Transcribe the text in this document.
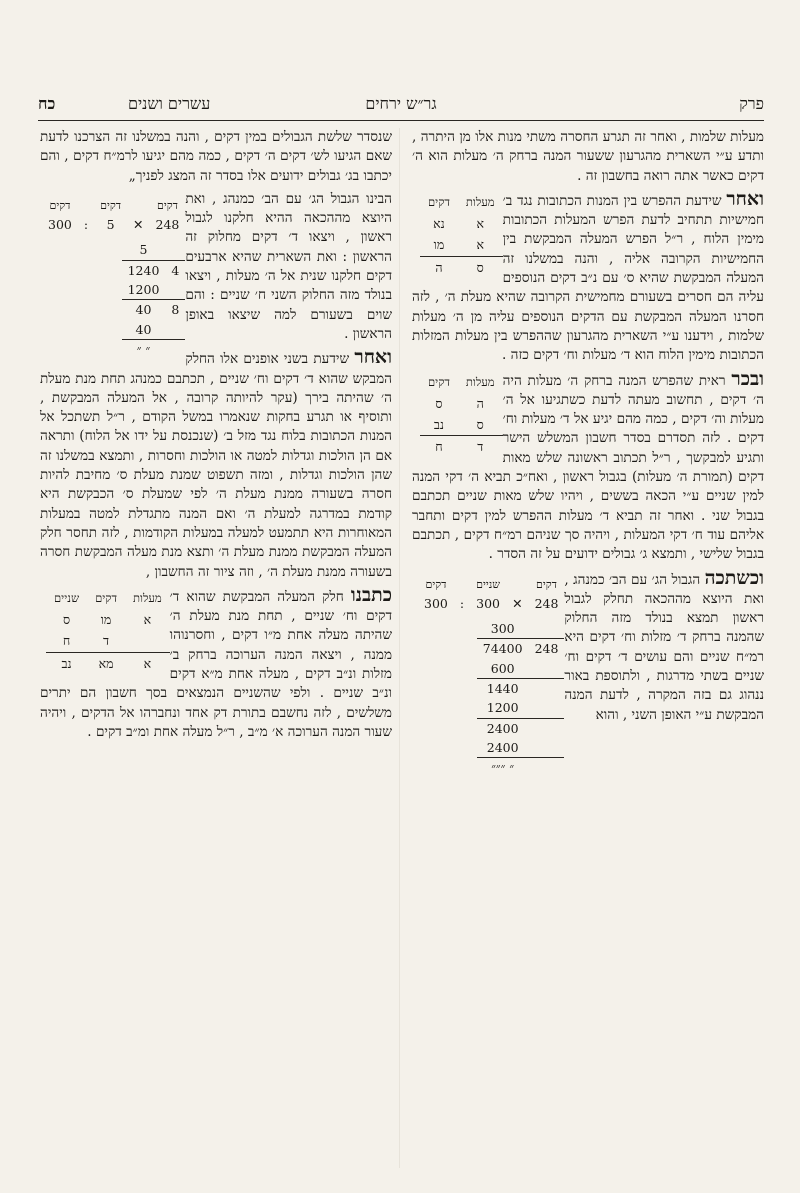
פרק
גר״ש ירחים
עשרים ושנים
כח

מעלות שלמות , ואחר זה תגרע החסרה משתי מנות אלו מן היתרה , ותדע ע״י השארית מהגרעון ששעור המנה ברחק ה׳ מעלות הוא ה׳ דקים כאשר אתה רואה בחשבון זה .

מעלות	דקים
א	נא
א	מו
ס	ה

ואחר שידעת ההפרש בין המנות הכתובות נגד ב׳ חמישיות תתחיב לדעת הפרש המעלות הכתובות מימין הלוח , ר״ל הפרש המעלה המבקשת בין החמישיות הקרובה אליה , והנה במשלנו זה המעלה המבקשת שהיא ס׳ עם נ״ב דקים הנוספים עליה הם חסרים בשעורם מחמישית הקרובה שהיא מעלת ה׳ , לזה חסרנו המעלה המבקשת עם הדקים הנוספים עליה מן ה׳ מעלות שלמות , וידענו ע״י השארית מהגרעון שההפרש בין מעלות המזלות הכתובות מימין הלוח הוא ד׳ מעלות וח׳ דקים כזה .

מעלות	דקים
ה	ס
ס	נב
ד	ח

ובכר ראית שהפרש המנה ברחק ה׳ מעלות היה ה׳ דקים , תחשוב מעתה לדעת כשתגיעו אל ה׳ מעלות וה׳ דקים , כמה מהם יגיע אל ד׳ מעלות וח׳ דקים . לזה תסדרם בסדר חשבון המשלש הישר ותגיע למבקשך , ר״ל תכתוב ראשונה שלש מאות דקים (תמורת ה׳ מעלות) בגבול ראשון , ואח״כ תביא ה׳ דקי המנה למין שניים ע״י הכאה בששים , ויהיו שלש מאות שניים תכתבם בגבול שני . ואחר זה תביא ד׳ מעלות ההפרש למין דקים ותחבר אליהם עוד ח׳ דקי המעלות , ויהיה סך שניהם רמ״ח דקים , תכתבם בגבול שלישי , ותמצא ג׳ גבולים ידועים על זה הסדר .

דקים		שניים		דקים
300	:	300	✕	248
300	
74400	248
600	
1440	
1200	
2400	
2400	
״ ״״״	

וכשתכה הגבול הג׳ עם הב׳ כמנהג , ואת היוצא מההכאה תחלק לגבול ראשון תמצא בנולד מזה החלוק שהמנה ברחק ד׳ מזלות וח׳ דקים היא רמ״ח שניים והם עושים ד׳ דקים וח׳ שניים בשתי מדרגות , ולתוספת באור ננהוג גם בזה המקרה , לדעת המנה המבקשת ע״י האופן השני , והוא

שנסדר שלשת הגבולים במין דקים , והנה במשלנו זה הצרכנו לדעת שאם הגיעו לש׳ דקים ה׳ דקים , כמה מהם יגיעו לרמ״ח דקים , והם יכתבו בג׳ גבולים ידועים אלו בסדר זה המצג לפניך„

דקים		דקים		דקים
300	:	5	✕	248
5	
1240	4
1200	
40	8
40	
״ ״	

הבינו הגבול הג׳ עם הב׳ כמנהג , ואת היוצא מההכאה ההיא חלקנו לגבול ראשון , ויצאו ד׳ דקים מחלוק זה הראשון : ואת השארית שהיא ארבעים דקים חלקנו שנית אל ה׳ מעלות , ויצאו בנולד מזה החלוק השני ח׳ שניים : והם שוים בשעורם למה שיצאו באופן הראשון .

ואחר שידעת בשני אופנים אלו החלק המבקש שהוא ד׳ דקים וח׳ שניים , תכתבם כמנהג תחת מנת מעלת ה׳ שהיתה בירך (עקר להיותה קרובה , אל המעלה המבקשת , ותוסיף או תגרע בחקות שנאמרו במשל הקודם , ר״ל תשתכל אל המנות הכתובות בלוח נגד מזל ב׳ (שנכנסת על ידו אל הלוח) ותראה אם הן הולכות וגדלות למטה או הולכות וחסרות , ותמצא במשלנו זה שהן הולכות וגדלות , ומזה תשפוט שמנת מעלת ס׳ מחיבת להיות חסרה בשעורה ממנת מעלת ה׳ לפי שמעלת ס׳ הכבקשת היא קודמת במדרגה למעלת ה׳ ואם המנה מתגדלת למטה במעלות המאוחרות היא תתמעט למעלה במעלות הקודמות , לזה תחסר חלק המעלה המבקשת ממנת מעלת ה׳ ותצא מנת מעלה המבקשת חסרה בשעורה ממנת מעלת ה׳ , וזה ציור זה החשבון ,

מעלות	דקים	שניים
א	מו	ס
	ד	ח
א	מא	נב

כתבנו חלק המעלה המבקשת שהוא ד׳ דקים וח׳ שניים , תחת מנת מעלת ה׳ שהיתה מעלה אחת מ״ו דקים , וחסרנוהו ממנה , ויצאה המנה הערוכה ברחק ב׳ מזלות ונ״ב דקים , מעלה אחת מ״א דקים ונ״ב שניים . ולפי שהשניים הנמצאים בסך חשבון הם יתרים משלשים , לזה נחשבם בתורת דק אחד ונחברהו אל הדקים , ויהיה שעור המנה הערוכה א׳ מ״ב , ר״ל מעלה אחת ומ״ב דקים .
